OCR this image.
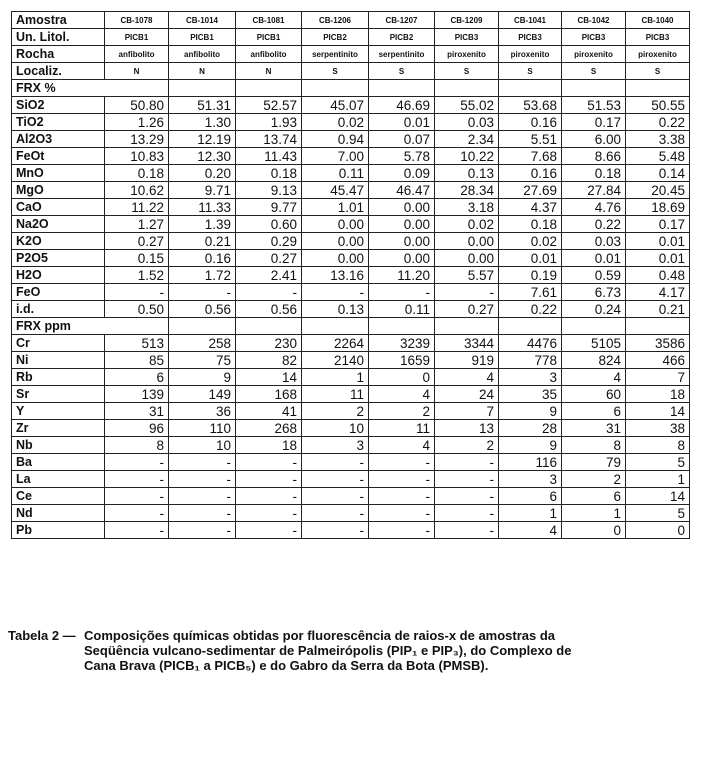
Amostra	CB-1078	CB-1014	CB-1081	CB-1206	CB-1207	CB-1209	CB-1041	CB-1042	CB-1040
Un. Litol.	PICB1	PICB1	PICB1	PICB2	PICB2	PICB3	PICB3	PICB3	PICB3
Rocha	anfibolito	anfibolito	anfibolito	serpentinito	serpentinito	piroxenito	piroxenito	piroxenito	piroxenito
Localiz.	N	N	N	S	S	S	S	S	S
FRX %									
SiO2	50.80	51.31	52.57	45.07	46.69	55.02	53.68	51.53	50.55
TiO2	1.26	1.30	1.93	0.02	0.01	0.03	0.16	0.17	0.22
Al2O3	13.29	12.19	13.74	0.94	0.07	2.34	5.51	6.00	3.38
FeOt	10.83	12.30	11.43	7.00	5.78	10.22	7.68	8.66	5.48
MnO	0.18	0.20	0.18	0.11	0.09	0.13	0.16	0.18	0.14
MgO	10.62	9.71	9.13	45.47	46.47	28.34	27.69	27.84	20.45
CaO	11.22	11.33	9.77	1.01	0.00	3.18	4.37	4.76	18.69
Na2O	1.27	1.39	0.60	0.00	0.00	0.02	0.18	0.22	0.17
K2O	0.27	0.21	0.29	0.00	0.00	0.00	0.02	0.03	0.01
P2O5	0.15	0.16	0.27	0.00	0.00	0.00	0.01	0.01	0.01
H2O	1.52	1.72	2.41	13.16	11.20	5.57	0.19	0.59	0.48
FeO	-	-	-	-	-	-	7.61	6.73	4.17
i.d.	0.50	0.56	0.56	0.13	0.11	0.27	0.22	0.24	0.21
FRX ppm									
Cr	513	258	230	2264	3239	3344	4476	5105	3586
Ni	85	75	82	2140	1659	919	778	824	466
Rb	6	9	14	1	0	4	3	4	7
Sr	139	149	168	11	4	24	35	60	18
Y	31	36	41	2	2	7	9	6	14
Zr	96	110	268	10	11	13	28	31	38
Nb	8	10	18	3	4	2	9	8	8
Ba	-	-	-	-	-	-	116	79	5
La	-	-	-	-	-	-	3	2	1
Ce	-	-	-	-	-	-	6	6	14
Nd	-	-	-	-	-	-	1	1	5
Pb	-	-	-	-	-	-	4	0	0
Tabela 2 — Composições químicas obtidas por fluorescência de raios-x de amostras da
Seqüência vulcano-sedimentar de Palmeirópolis (PIP₁ e PIP₃), do Complexo de
Cana Brava (PICB₁ a PICB₅) e do Gabro da Serra da Bota (PMSB).
